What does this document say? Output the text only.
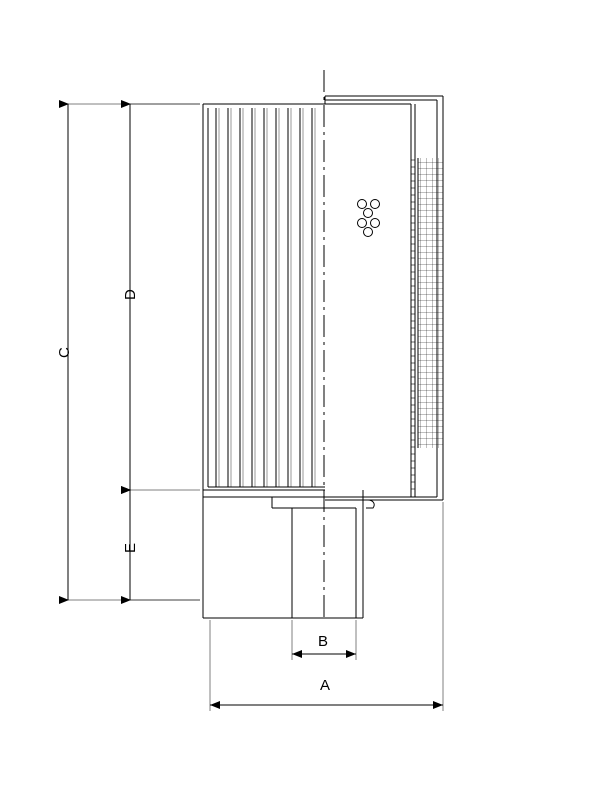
C
D
E
B
A
